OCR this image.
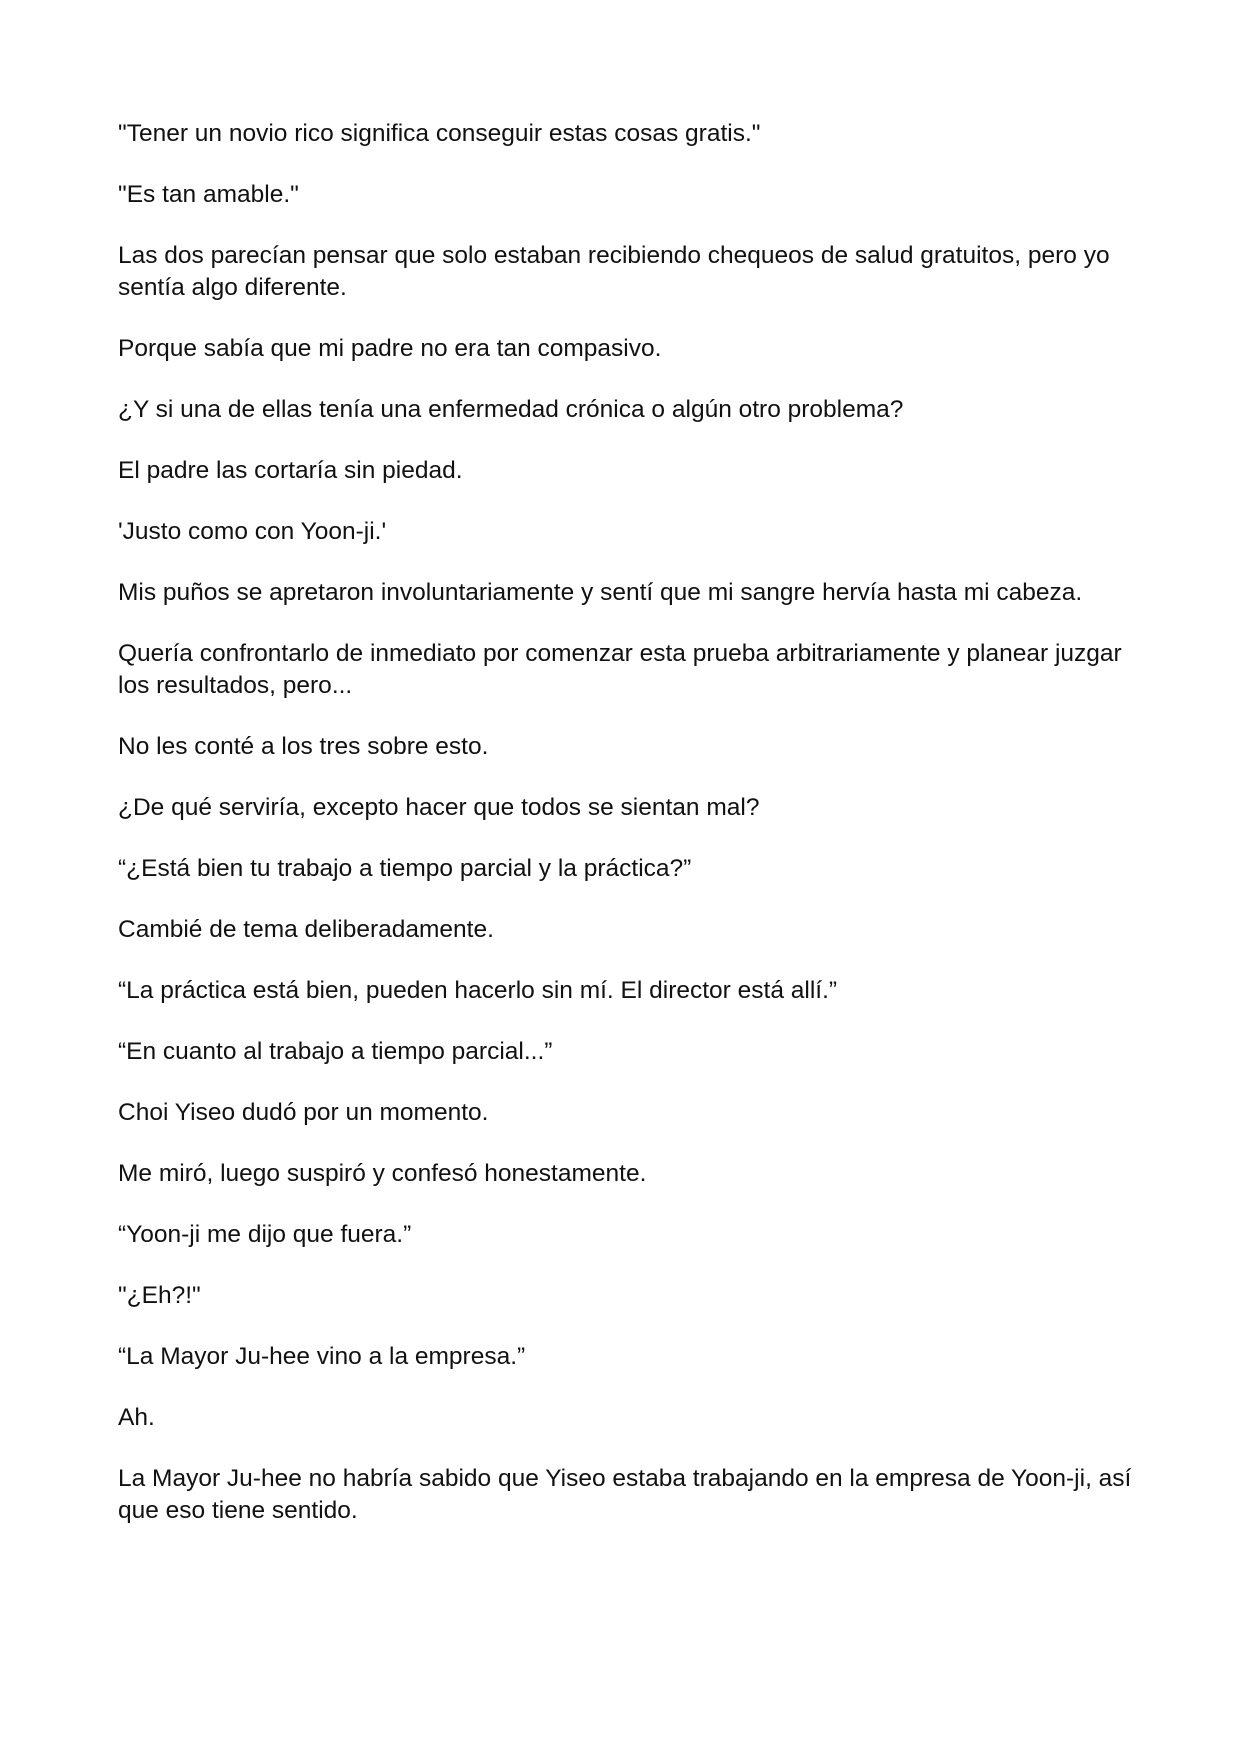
"Tener un novio rico significa conseguir estas cosas gratis."

"Es tan amable."

Las dos parecían pensar que solo estaban recibiendo chequeos de salud gratuitos, pero yo sentía algo diferente.

Porque sabía que mi padre no era tan compasivo.

¿Y si una de ellas tenía una enfermedad crónica o algún otro problema?

El padre las cortaría sin piedad.

'Justo como con Yoon-ji.'

Mis puños se apretaron involuntariamente y sentí que mi sangre hervía hasta mi cabeza.

Quería confrontarlo de inmediato por comenzar esta prueba arbitrariamente y planear juzgar los resultados, pero...

No les conté a los tres sobre esto.

¿De qué serviría, excepto hacer que todos se sientan mal?

“¿Está bien tu trabajo a tiempo parcial y la práctica?”

Cambié de tema deliberadamente.

“La práctica está bien, pueden hacerlo sin mí. El director está allí.”

“En cuanto al trabajo a tiempo parcial...”

Choi Yiseo dudó por un momento.

Me miró, luego suspiró y confesó honestamente.

“Yoon-ji me dijo que fuera.”

"¿Eh?!"

“La Mayor Ju-hee vino a la empresa.”

Ah.

La Mayor Ju-hee no habría sabido que Yiseo estaba trabajando en la empresa de Yoon-ji, así que eso tiene sentido.
